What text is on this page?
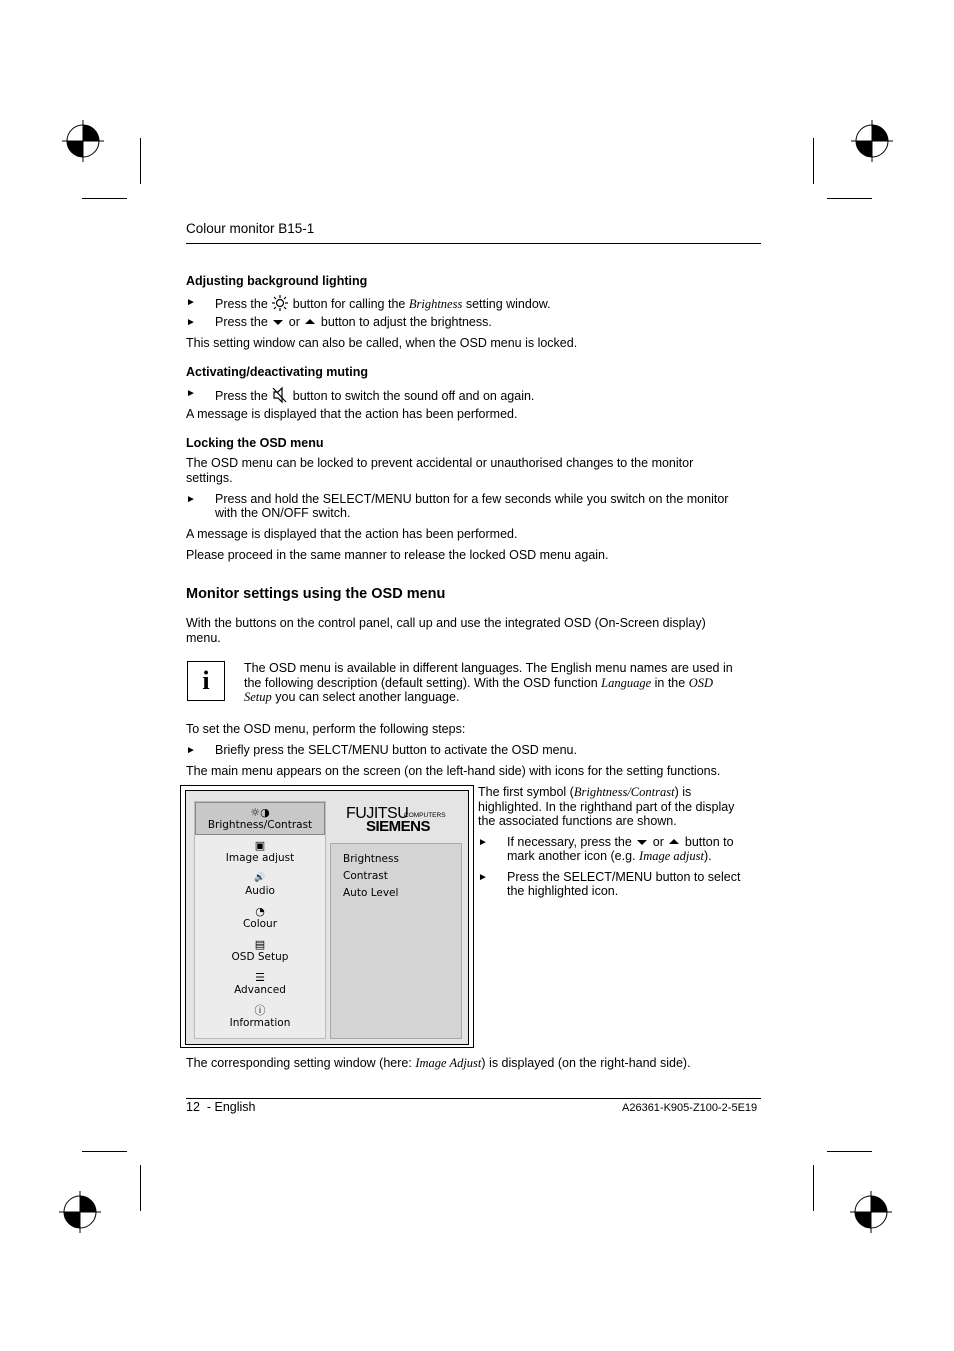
Colour monitor B15-1
Adjusting background lighting
► Press the button for calling the Brightness setting window.
► Press the or button to adjust the brightness.
This setting window can also be called, when the OSD menu is locked.
Activating/deactivating muting
► Press the button to switch the sound off and on again.
A message is displayed that the action has been performed.
Locking the OSD menu
The OSD menu can be locked to prevent accidental or unauthorised changes to the monitor
settings.
► Press and hold the SELECT/MENU button for a few seconds while you switch on the monitor
with the ON/OFF switch.
A message is displayed that the action has been performed.
Please proceed in the same manner to release the locked OSD menu again.
Monitor settings using the OSD menu
With the buttons on the control panel, call up and use the integrated OSD (On-Screen display)
menu.
i	The OSD menu is available in different languages. The English menu names are used in
the following description (default setting). With the OSD function Language in the OSD
Setup you can select another language.
To set the OSD menu, perform the following steps:
► Briefly press the SELCT/MENU button to activate the OSD menu.
The main menu appears on the screen (on the left-hand side) with icons for the setting functions.
☼◑
Brightness/Contrast
▣
Image adjust
🔊
Audio
◔
Colour
▤
OSD Setup
☰
Advanced
ⓘ
Information
FUJITSU
COMPUTERS
SIEMENS
Brightness
Contrast
Auto Level
The first symbol (Brightness/Contrast) is
highlighted. In the righthand part of the display
the associated functions are shown.
► If necessary, press the or button to
mark another icon (e.g. Image adjust).
► Press the SELECT/MENU button to select
the highlighted icon.
The corresponding setting window (here: Image Adjust) is displayed (on the right-hand side).
12  - English	A26361-K905-Z100-2-5E19
